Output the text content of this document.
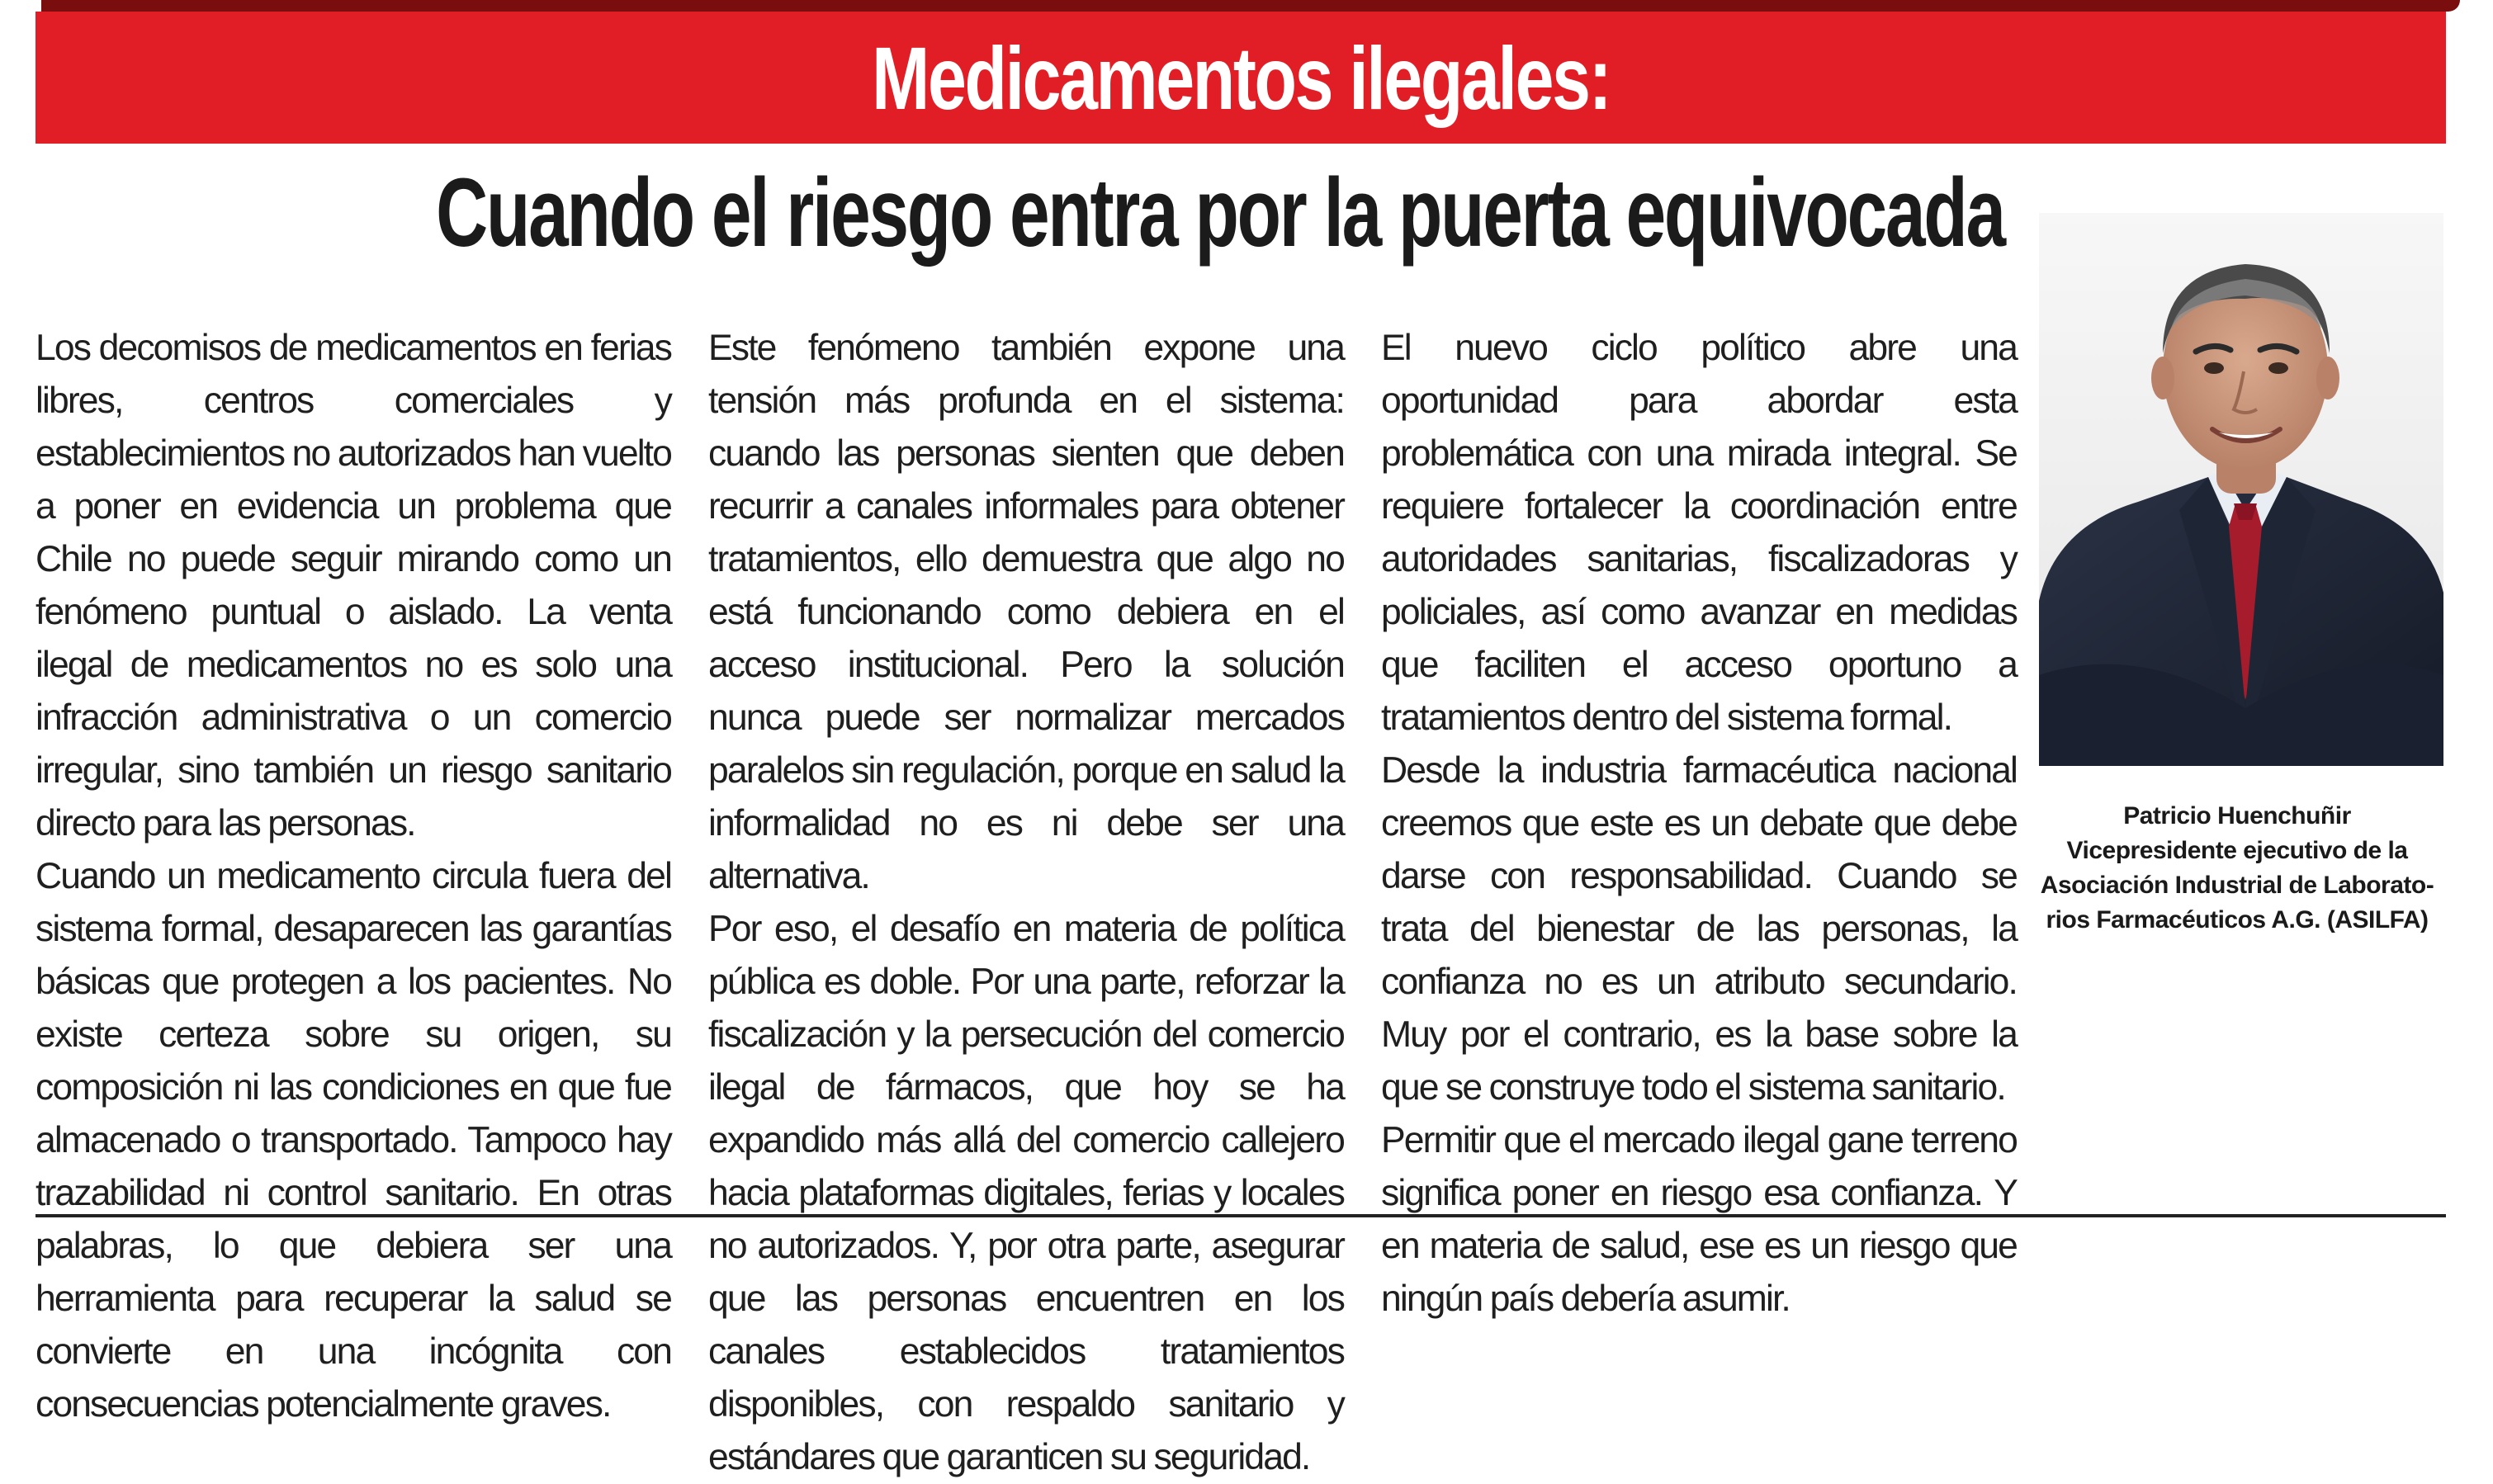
Medicamentos ilegales:
Cuando el riesgo entra por la puerta equivocada

Los decomisos de medicamentos en ferias libres, centros comerciales y establecimientos no autorizados han vuelto a poner en evidencia un problema que Chile no puede seguir mirando como un fenómeno puntual o aislado. La venta ilegal de medicamentos no es solo una infracción administrativa o un comercio irregular, sino también un riesgo sanitario directo para las personas.

Cuando un medicamento circula fuera del sistema formal, desaparecen las garantías básicas que protegen a los pacientes. No existe certeza sobre su origen, su composición ni las condiciones en que fue almacenado o transportado. Tampoco hay trazabilidad ni control sanitario. En otras palabras, lo que debiera ser una herramienta para recuperar la salud se convierte en una incógnita con consecuencias potencialmente graves.

Este fenómeno también expone una tensión más profunda en el sistema: cuando las personas sienten que deben recurrir a canales informales para obtener tratamientos, ello demuestra que algo no está funcionando como debiera en el acceso institucional. Pero la solución nunca puede ser normalizar mercados paralelos sin regulación, porque en salud la informalidad no es ni debe ser una alternativa.

Por eso, el desafío en materia de política pública es doble. Por una parte, reforzar la fiscalización y la persecución del comercio ilegal de fármacos, que hoy se ha expandido más allá del comercio callejero hacia plataformas digitales, ferias y locales no autorizados. Y, por otra parte, asegurar que las personas encuentren en los canales establecidos tratamientos disponibles, con respaldo sanitario y estándares que garanticen su seguridad.

El nuevo ciclo político abre una oportunidad para abordar esta problemática con una mirada integral. Se requiere fortalecer la coordinación entre autoridades sanitarias, fiscalizadoras y policiales, así como avanzar en medidas que faciliten el acceso oportuno a tratamientos dentro del sistema formal.

Desde la industria farmacéutica nacional creemos que este es un debate que debe darse con responsabilidad. Cuando se trata del bienestar de las personas, la confianza no es un atributo secundario. Muy por el contrario, es la base sobre la que se construye todo el sistema sanitario.

Permitir que el mercado ilegal gane terreno significa poner en riesgo esa confianza. Y en materia de salud, ese es un riesgo que ningún país debería asumir.

Patricio Huenchuñir
Vicepresidente ejecutivo de la
Asociación Industrial de Laborato-
rios Farmacéuticos A.G. (ASILFA)
